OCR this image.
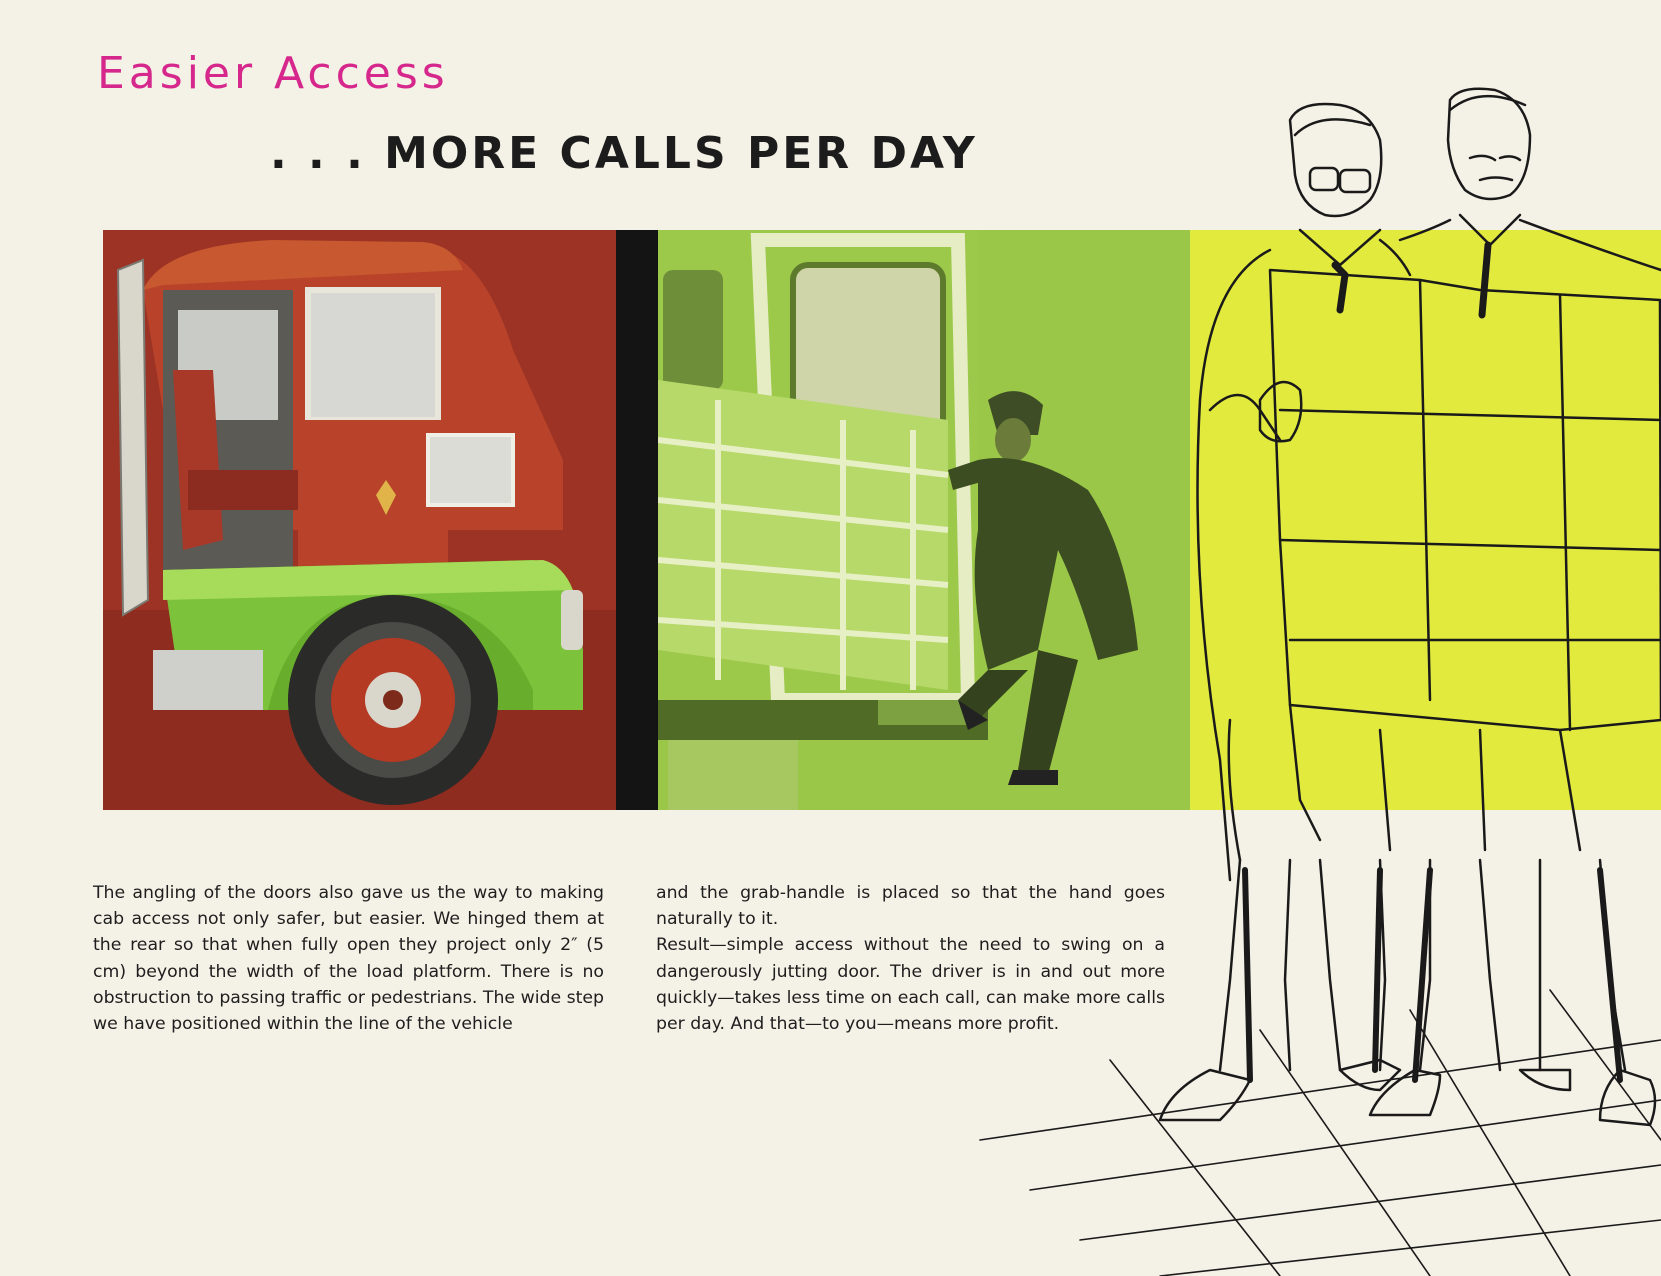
Easier Access
. . . MORE CALLS PER DAY

The angling of the doors also gave us the way to making cab access not only safer, but easier. We hinged them at the rear so that when fully open they project only 2″ (5 cm) beyond the width of the load platform. There is no obstruction to passing traffic or pedestrians. The wide step we have positioned within the line of the vehicle

and the grab-handle is placed so that the hand goes naturally to it.

Result—simple access without the need to swing on a dangerously jutting door. The driver is in and out more quickly—takes less time on each call, can make more calls per day. And that—to you—means more profit.
